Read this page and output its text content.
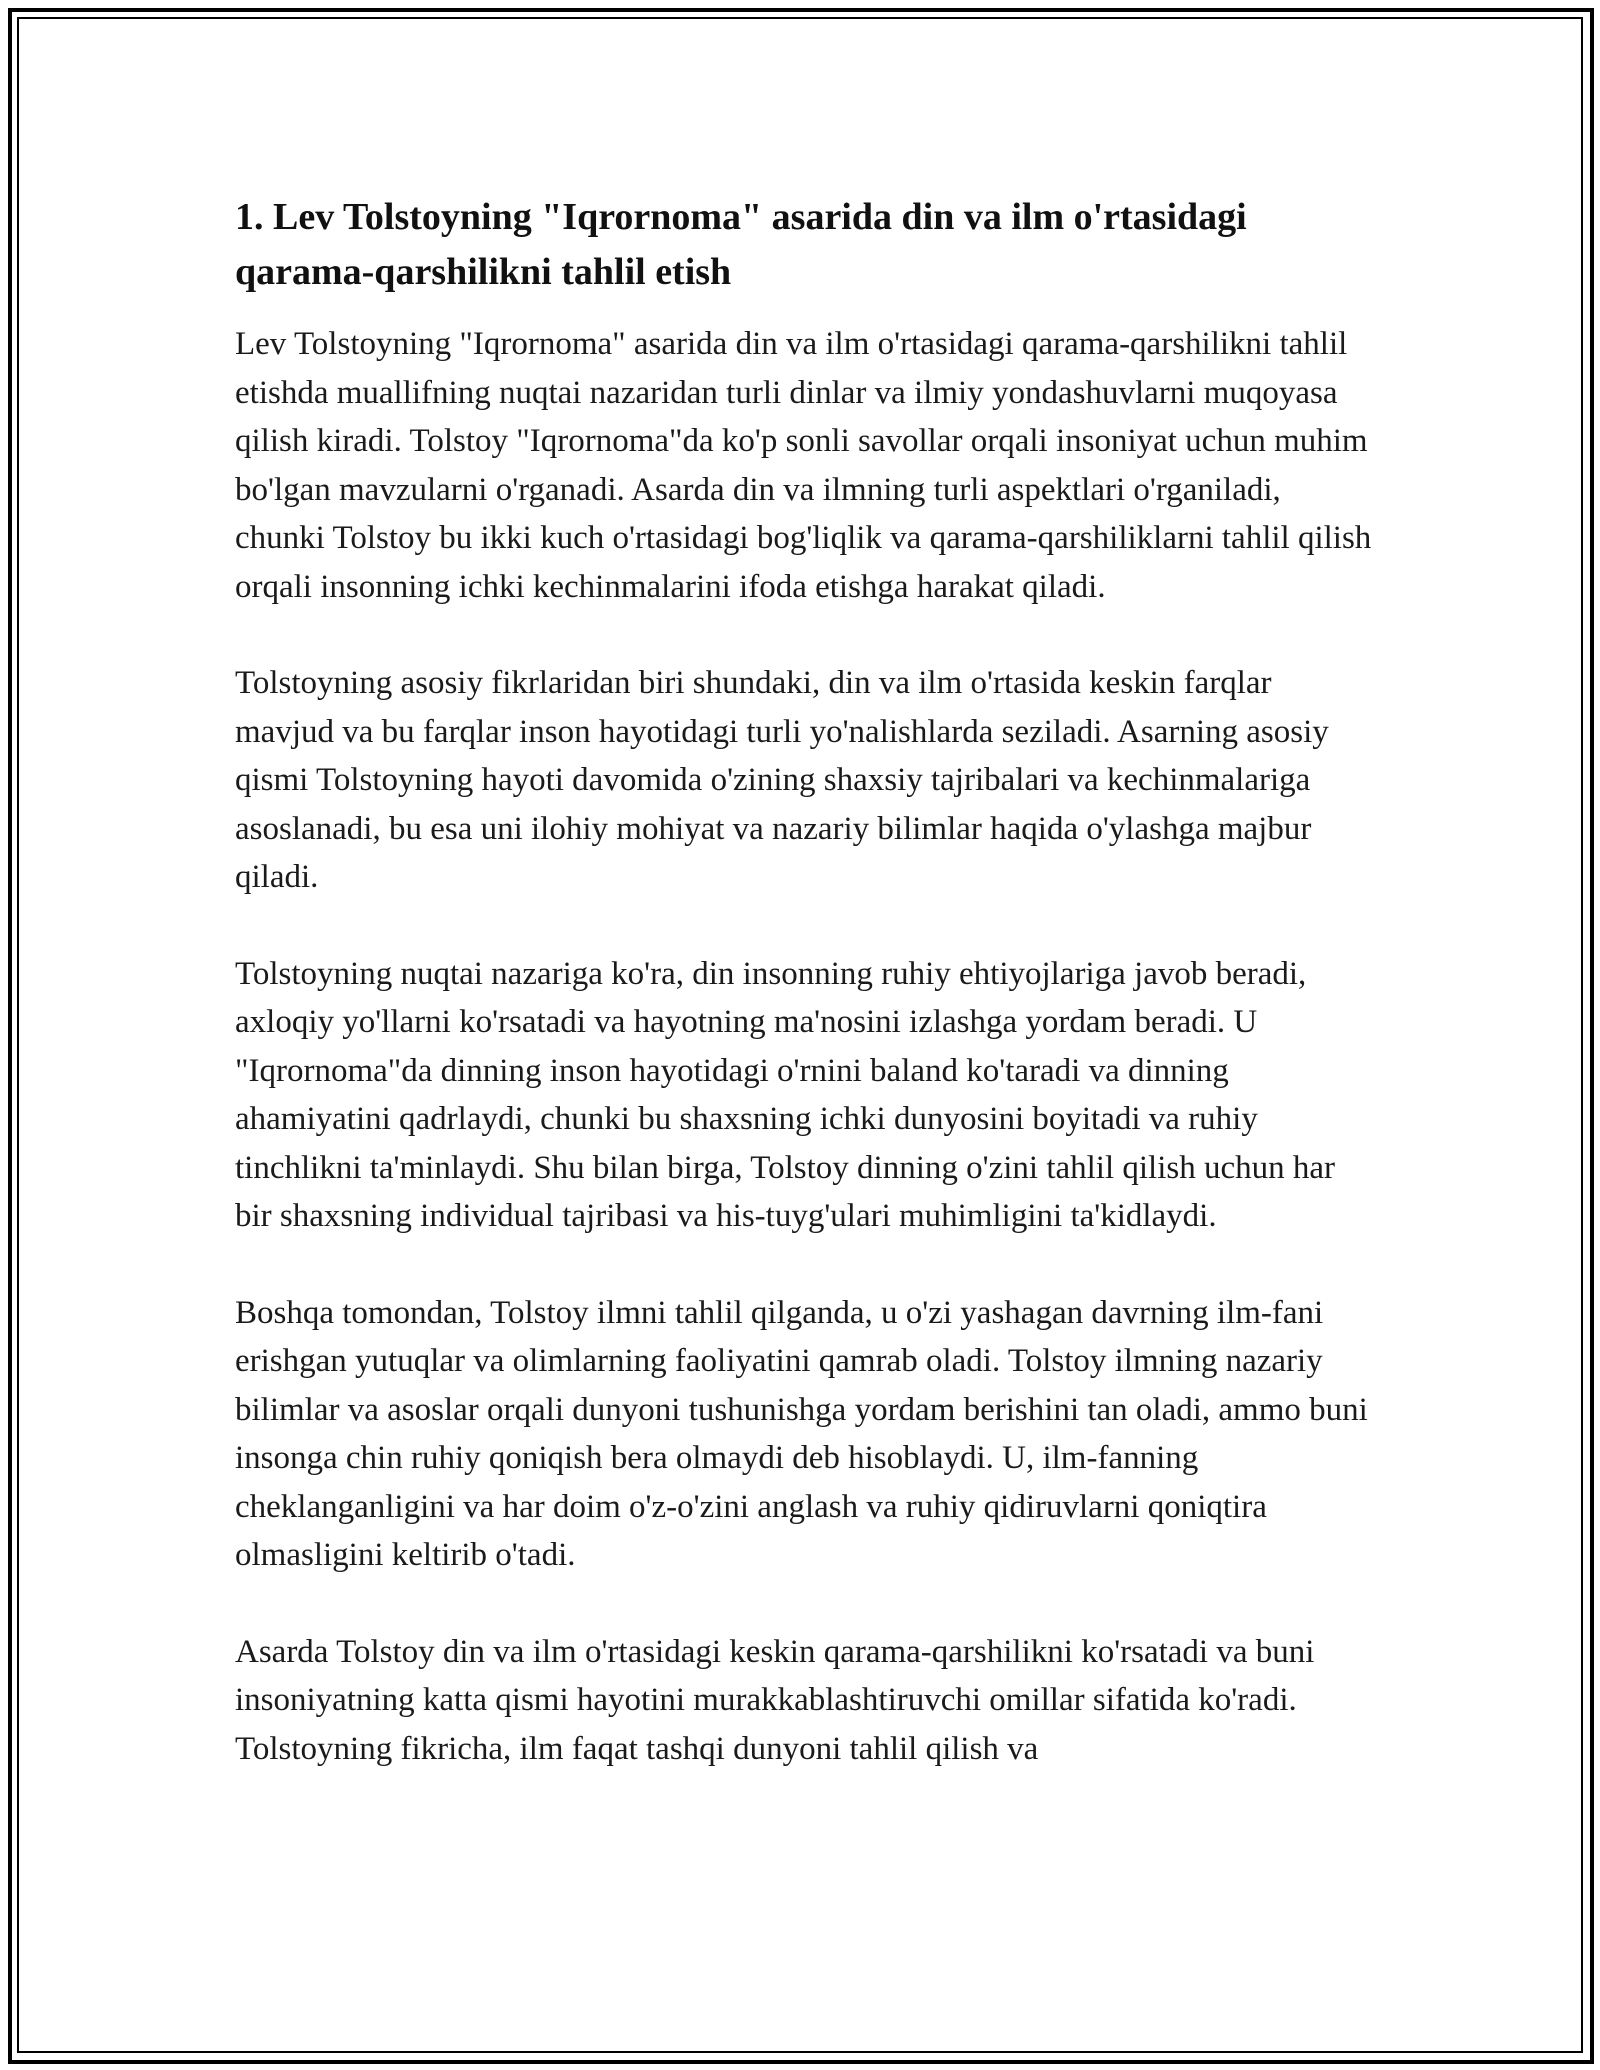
1. Lev Tolstoyning "Iqrornoma" asarida din va ilm o'rtasidagi qarama-qarshilikni tahlil etish

Lev Tolstoyning "Iqrornoma" asarida din va ilm o'rtasidagi qarama-qarshilikni tahlil etishda muallifning nuqtai nazaridan turli dinlar va ilmiy yondashuvlarni muqoyasa qilish kiradi. Tolstoy "Iqrornoma"da ko'p sonli savollar orqali insoniyat uchun muhim bo'lgan mavzularni o'rganadi. Asarda din va ilmning turli aspektlari o'rganiladi, chunki Tolstoy bu ikki kuch o'rtasidagi bog'liqlik va qarama-qarshiliklarni tahlil qilish orqali insonning ichki kechinmalarini ifoda etishga harakat qiladi.

Tolstoyning asosiy fikrlaridan biri shundaki, din va ilm o'rtasida keskin farqlar mavjud va bu farqlar inson hayotidagi turli yo'nalishlarda seziladi. Asarning asosiy qismi Tolstoyning hayoti davomida o'zining shaxsiy tajribalari va kechinmalariga asoslanadi, bu esa uni ilohiy mohiyat va nazariy bilimlar haqida o'ylashga majbur qiladi.

Tolstoyning nuqtai nazariga ko'ra, din insonning ruhiy ehtiyojlariga javob beradi, axloqiy yo'llarni ko'rsatadi va hayotning ma'nosini izlashga yordam beradi. U "Iqrornoma"da dinning inson hayotidagi o'rnini baland ko'taradi va dinning ahamiyatini qadrlaydi, chunki bu shaxsning ichki dunyosini boyitadi va ruhiy tinchlikni ta'minlaydi. Shu bilan birga, Tolstoy dinning o'zini tahlil qilish uchun har bir shaxsning individual tajribasi va his-tuyg'ulari muhimligini ta'kidlaydi.

Boshqa tomondan, Tolstoy ilmni tahlil qilganda, u o'zi yashagan davrning ilm-fani erishgan yutuqlar va olimlarning faoliyatini qamrab oladi. Tolstoy ilmning nazariy bilimlar va asoslar orqali dunyoni tushunishga yordam berishini tan oladi, ammo buni insonga chin ruhiy qoniqish bera olmaydi deb hisoblaydi. U, ilm-fanning cheklanganligini va har doim o'z-o'zini anglash va ruhiy qidiruvlarni qoniqtira olmasligini keltirib o'tadi.

Asarda Tolstoy din va ilm o'rtasidagi keskin qarama-qarshilikni ko'rsatadi va buni insoniyatning katta qismi hayotini murakkablashtiruvchi omillar sifatida ko'radi. Tolstoyning fikricha, ilm faqat tashqi dunyoni tahlil qilish va
